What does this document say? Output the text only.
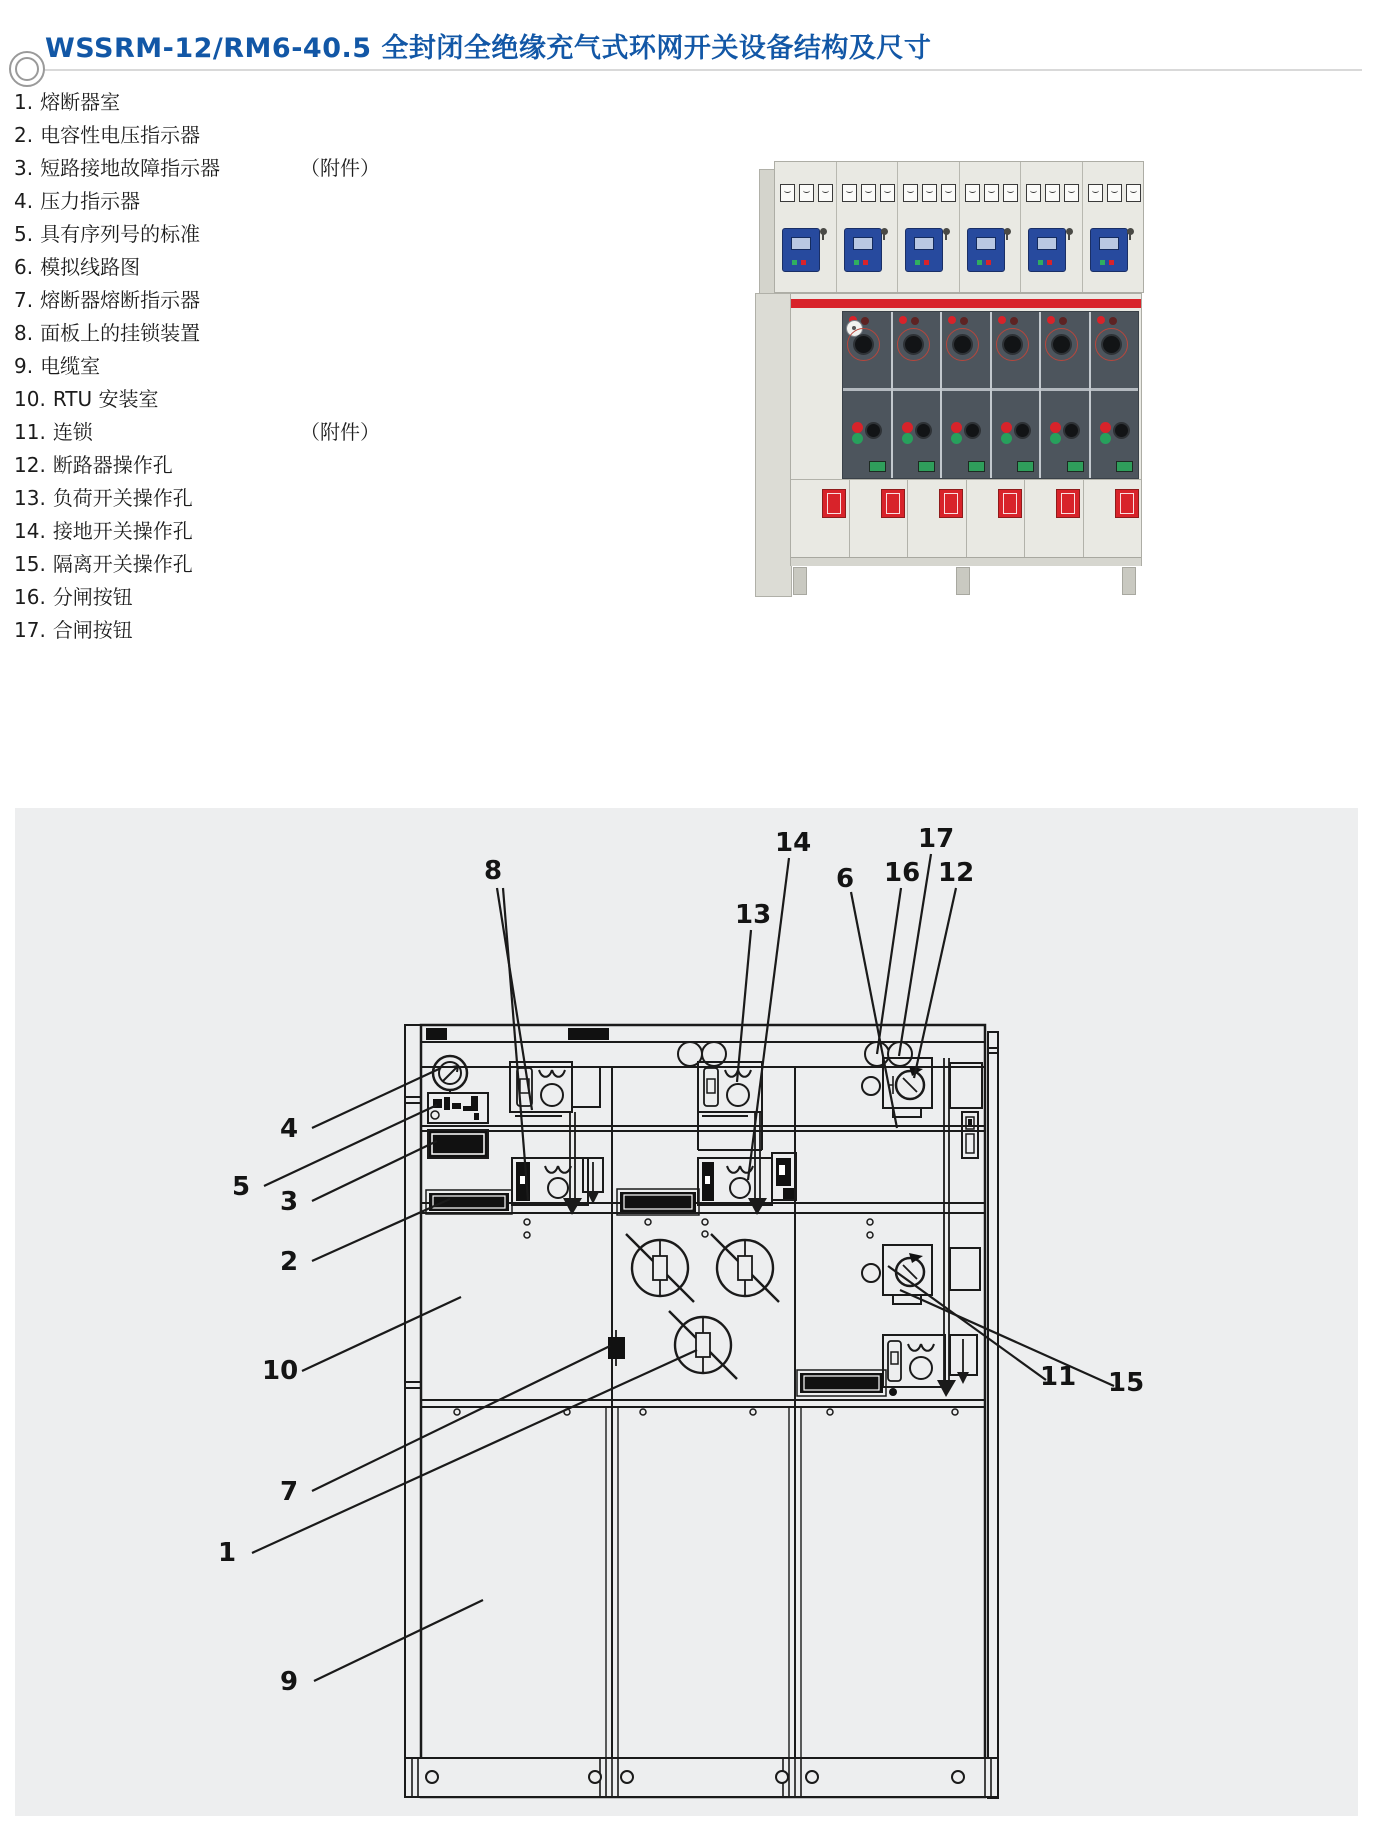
WSSRM-12/RM6-40.5 全封闭全绝缘充气式环网开关设备结构及尺寸
1. 熔断器室
2. 电容性电压指示器
3. 短路接地故障指示器	（附件）
4. 压力指示器
5. 具有序列号的标准
6. 模拟线路图
7. 熔断器熔断指示器
8. 面板上的挂锁装置
9. 电缆室
10. RTU 安装室
11. 连锁	（附件）
12. 断路器操作孔
13. 负荷开关操作孔
14. 接地开关操作孔
15. 隔离开关操作孔
16. 分闸按钮
17. 合闸按钮
1
2
3
4
5
6
7
8
9
10	11
12
13
14
15
16
17
